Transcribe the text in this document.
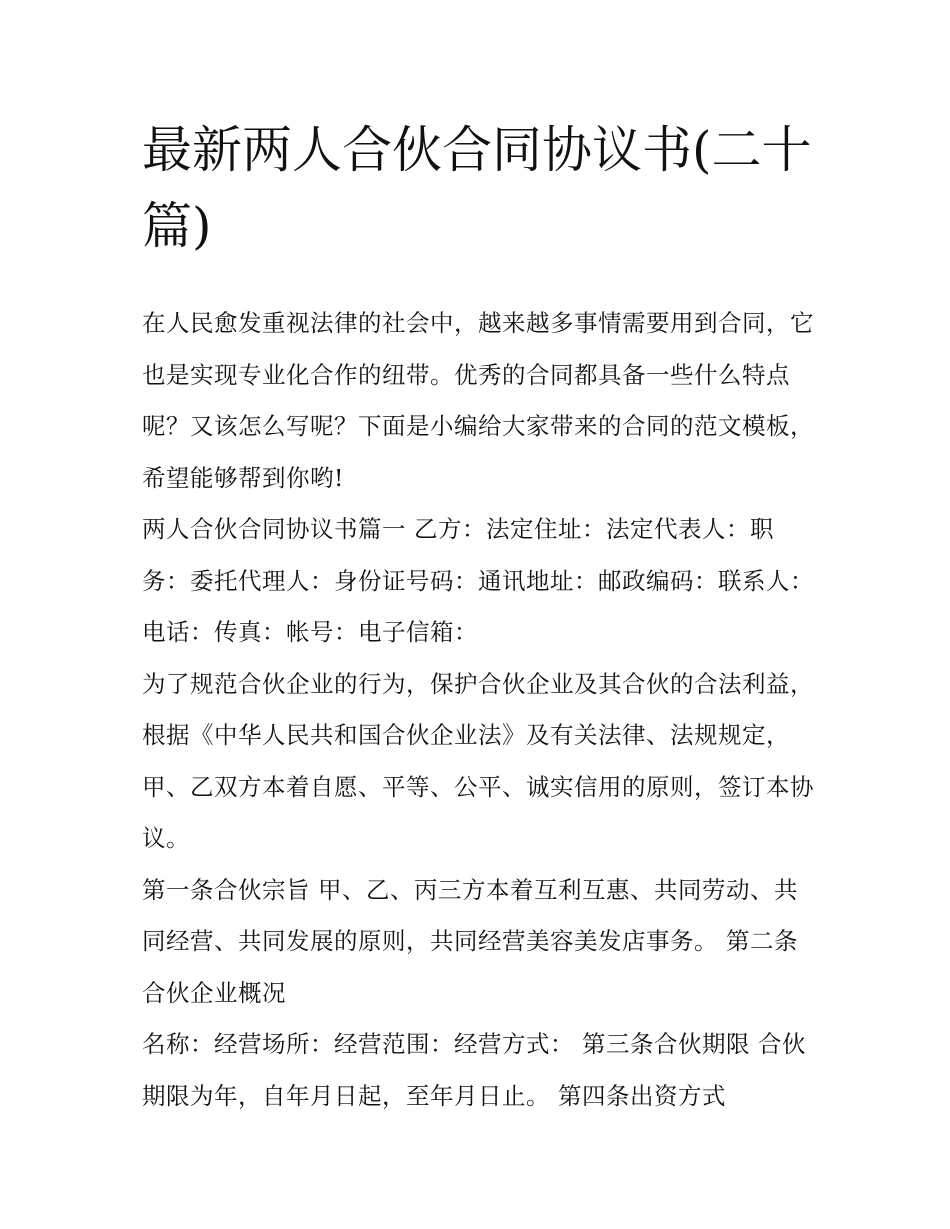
最新两人合伙合同协议书(二十篇)

在人民愈发重视法律的社会中，越来越多事情需要用到合同，它也是实现专业化合作的纽带。优秀的合同都具备一些什么特点呢？又该怎么写呢？下面是小编给大家带来的合同的范文模板，希望能够帮到你哟!

两人合伙合同协议书篇一 乙方：法定住址：法定代表人：职务：委托代理人：身份证号码：通讯地址：邮政编码：联系人：电话：传真：帐号：电子信箱：

为了规范合伙企业的行为，保护合伙企业及其合伙的合法利益，根据《中华人民共和国合伙企业法》及有关法律、法规规定，甲、乙双方本着自愿、平等、公平、诚实信用的原则，签订本协议。

第一条合伙宗旨 甲、乙、丙三方本着互利互惠、共同劳动、共同经营、共同发展的原则，共同经营美容美发店事务。 第二条合伙企业概况

名称：经营场所：经营范围：经营方式： 第三条合伙期限 合伙期限为年，自年月日起，至年月日止。 第四条出资方式
